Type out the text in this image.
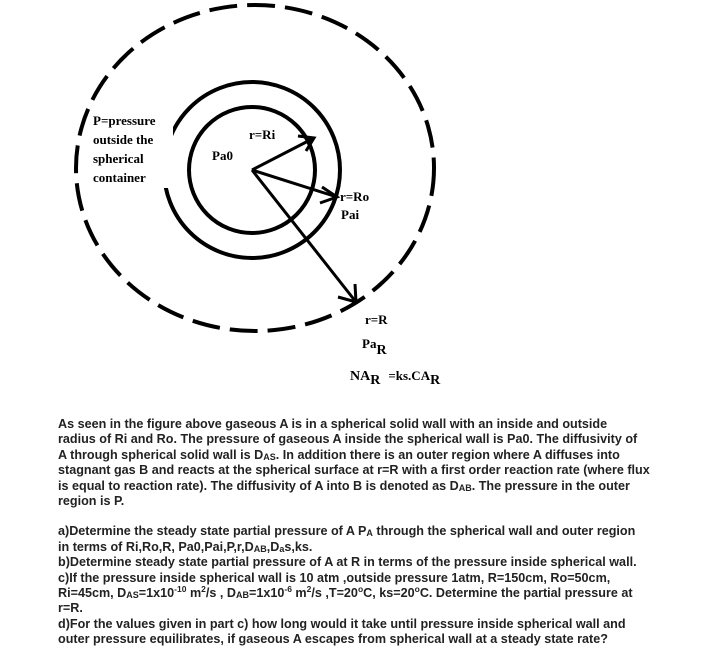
P=pressure outside the spherical container
Pa0
r=Ri
r=Ro
Pai
r=R
PaR
NAR =ks.CAR

As seen in the figure above gaseous A is in a spherical solid wall with an inside and outside

radius of Ri and Ro. The pressure of gaseous A inside the spherical wall is Pa0. The diffusivity of

A through spherical solid wall is $D_{AS}$. In addition there is an outer region where A diffuses into

stagnant gas B and reacts at the spherical surface at r=R with a first order reaction rate (where flux

is equal to reaction rate). The diffusivity of A into B is denoted as $D_{AB}$. The pressure in the outer

region is P.

a)Determine the steady state partial pressure of A $P_A$ through the spherical wall and outer region

in terms of Ri,Ro,R, $Pa0,Pai,P,r,D_{AB},D_as,ks$.

b)Determine steady state partial pressure of A at R in terms of the pressure inside spherical wall.

c)If the pressure inside spherical wall is 10 atm ,outside pressure 1atm, R=150cm, Ro=50cm,

Ri=45cm, $D_{AS}=1x10^{-10}$ $m^2/s$ , $D_{AB}=1x10^{-6}$ $m^2/s$ $,T=20^oC$, $ks=20^oC$. Determine the partial pressure at

r=R.

d)For the values given in part c) how long would it take until pressure inside spherical wall and

outer pressure equilibrates, if gaseous A escapes from spherical wall at a steady state rate?
